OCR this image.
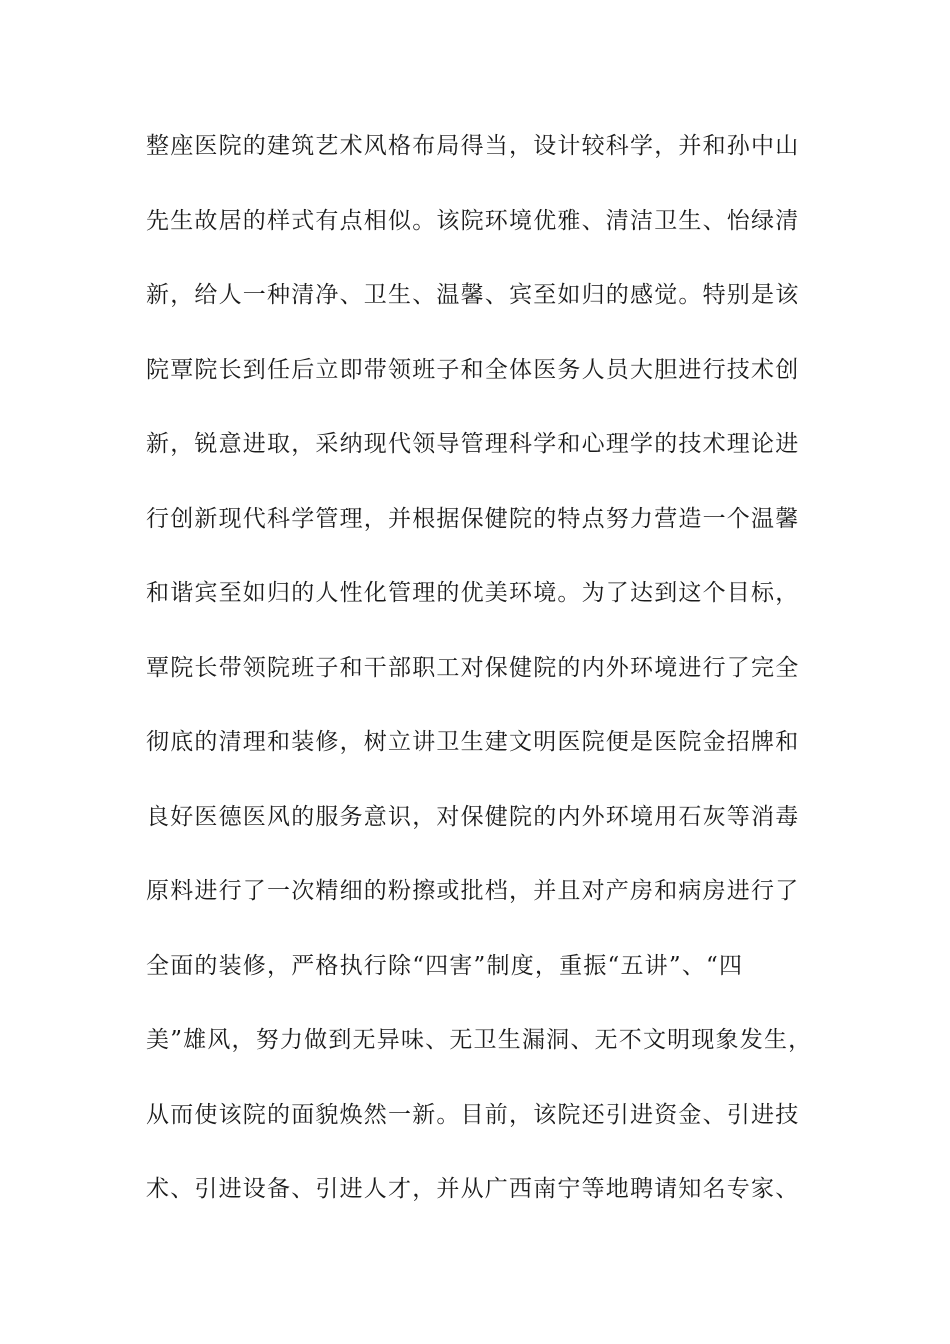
整座医院的建筑艺术风格布局得当，设计较科学，并和孙中山
先生故居的样式有点相似。该院环境优雅、清洁卫生、怡绿清
新，给人一种清净、卫生、温馨、宾至如归的感觉。特别是该
院覃院长到任后立即带领班子和全体医务人员大胆进行技术创
新，锐意进取，采纳现代领导管理科学和心理学的技术理论进
行创新现代科学管理，并根据保健院的特点努力营造一个温馨
和谐宾至如归的人性化管理的优美环境。为了达到这个目标，
覃院长带领院班子和干部职工对保健院的内外环境进行了完全
彻底的清理和装修，树立讲卫生建文明医院便是医院金招牌和
良好医德医风的服务意识，对保健院的内外环境用石灰等消毒
原料进行了一次精细的粉擦或批档，并且对产房和病房进行了
全面的装修，严格执行除“四害”制度，重振“五讲”、“四
美”雄风，努力做到无异味、无卫生漏洞、无不文明现象发生，
从而使该院的面貌焕然一新。目前，该院还引进资金、引进技
术、引进设备、引进人才，并从广西南宁等地聘请知名专家、
